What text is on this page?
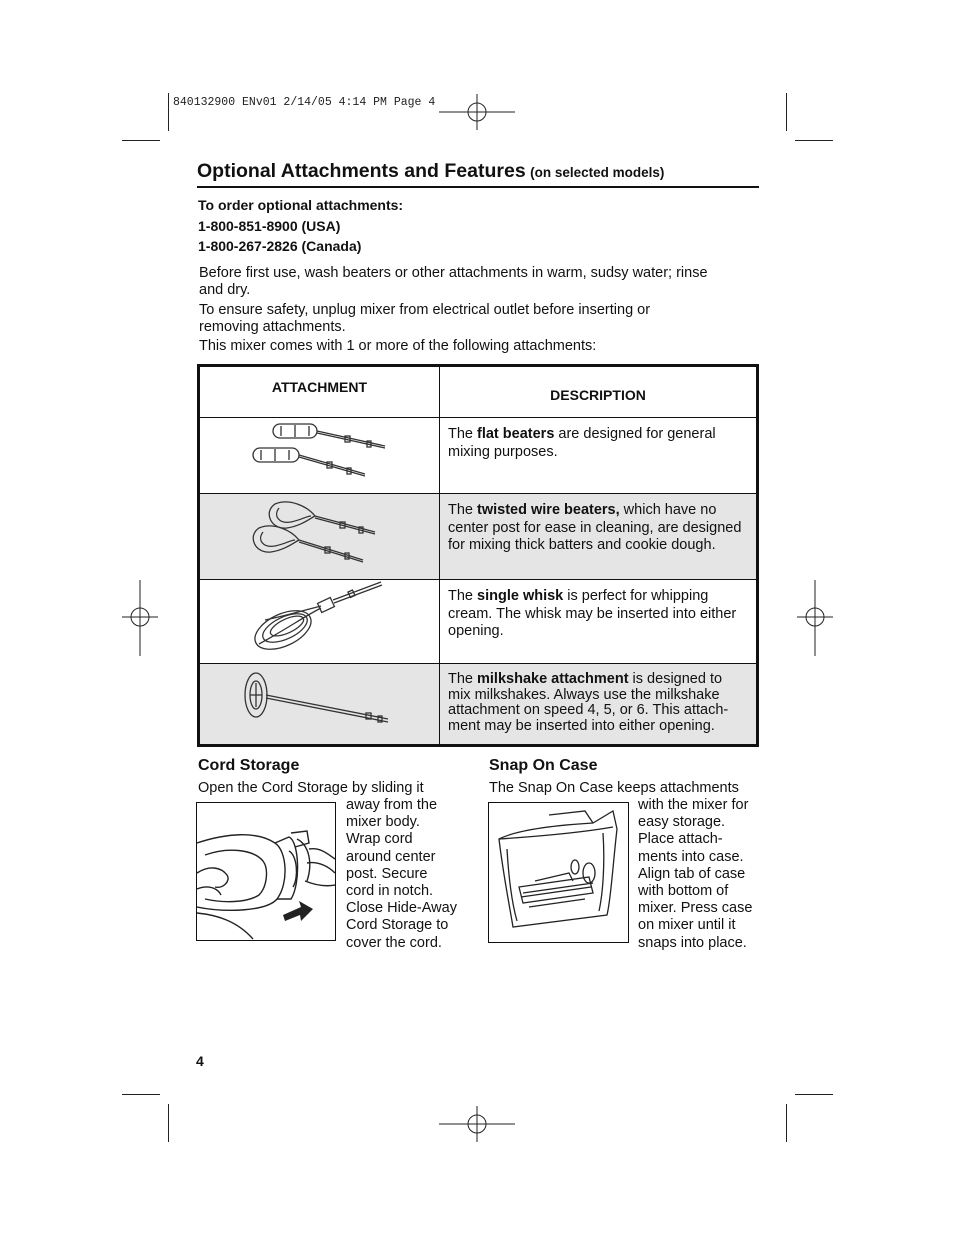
840132900 ENv01 2/14/05 4:14 PM Page 4
Optional Attachments and Features (on selected models)
To order optional attachments:
1-800-851-8900 (USA)
1-800-267-2826 (Canada)
Before first use, wash beaters or other attachments in warm, sudsy water; rinse and dry.
To ensure safety, unplug mixer from electrical outlet before inserting or removing attachments.
This mixer comes with 1 or more of the following attachments:
ATTACHMENT	DESCRIPTION
	The flat beaters are designed for general mixing purposes.
	The twisted wire beaters, which have no center post for ease in cleaning, are designed for mixing thick batters and cookie dough.
	The single whisk is perfect for whipping cream. The whisk may be inserted into either opening.
	The milkshake attachment is designed to mix milkshakes. Always use the milkshake attachment on speed 4, 5, or 6. This attach-ment may be inserted into either opening.
Cord Storage
Open the Cord Storage by sliding it
away from the
mixer body.
Wrap cord
around center
post. Secure
cord in notch.
Close Hide-Away
Cord Storage to
cover the cord.
Snap On Case
The Snap On Case keeps attachments
with the mixer for
easy storage.
Place attach-
ments into case.
Align tab of case
with bottom of
mixer. Press case
on mixer until it
snaps into place.
4
